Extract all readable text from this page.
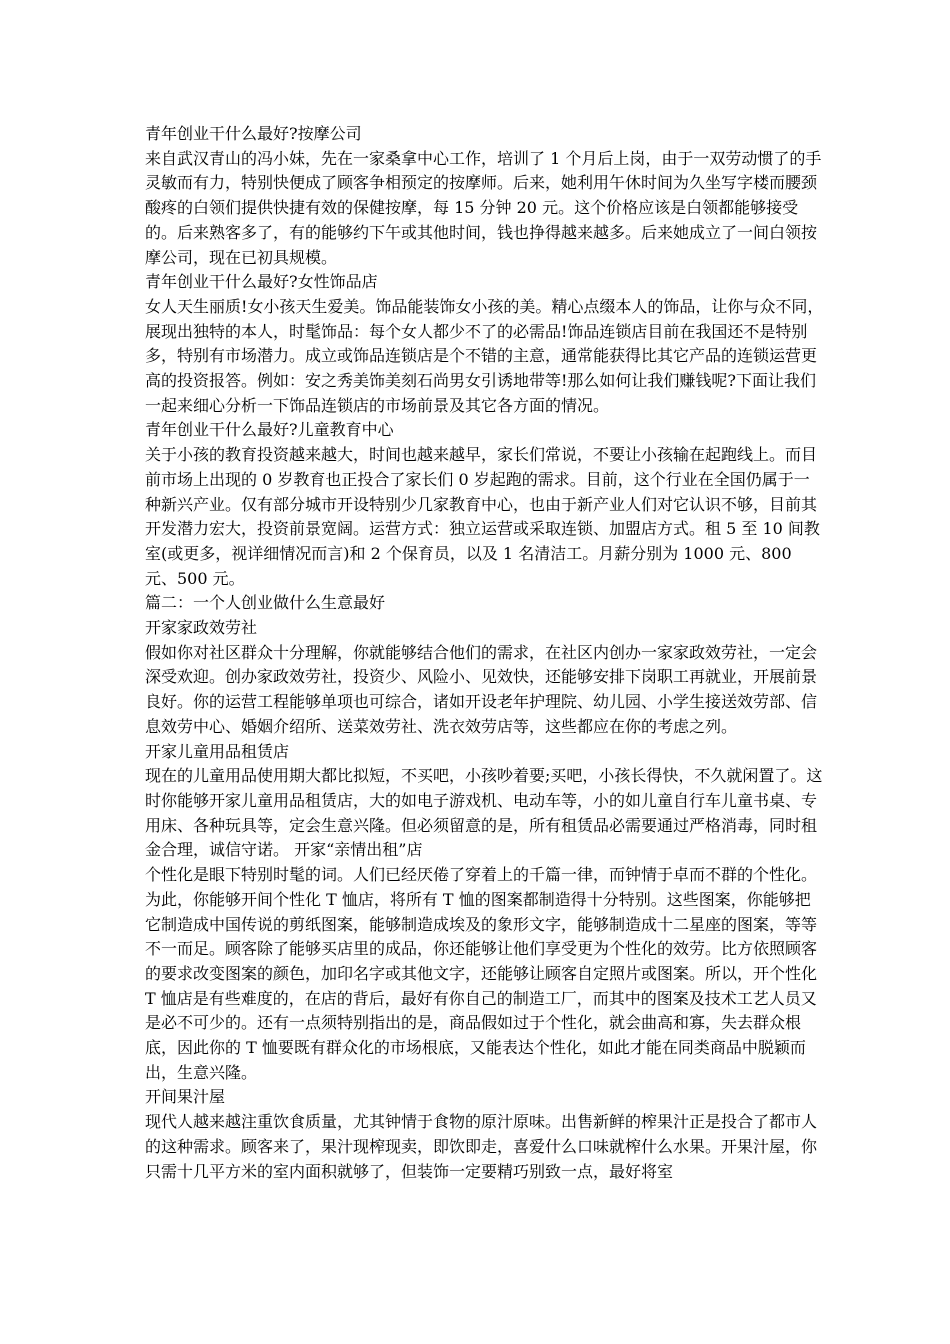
青年创业干什么最好?按摩公司

来自武汉青山的冯小妹，先在一家桑拿中心工作，培训了 1 个月后上岗，由于一双劳动惯了的手灵敏而有力，特别快便成了顾客争相预定的按摩师。后来，她利用午休时间为久坐写字楼而腰颈酸疼的白领们提供快捷有效的保健按摩，每 15 分钟 20 元。这个价格应该是白领都能够接受的。后来熟客多了，有的能够约下午或其他时间，钱也挣得越来越多。后来她成立了一间白领按摩公司，现在已初具规模。

青年创业干什么最好?女性饰品店

女人天生丽质!女小孩天生爱美。饰品能装饰女小孩的美。精心点缀本人的饰品，让你与众不同，展现出独特的本人，时髦饰品：每个女人都少不了的必需品!饰品连锁店目前在我国还不是特别多，特别有市场潜力。成立或饰品连锁店是个不错的主意，通常能获得比其它产品的连锁运营更高的投资报答。例如：安之秀美饰美刻石尚男女引诱地带等!那么如何让我们赚钱呢?下面让我们一起来细心分析一下饰品连锁店的市场前景及其它各方面的情况。

青年创业干什么最好?儿童教育中心

关于小孩的教育投资越来越大，时间也越来越早，家长们常说，不要让小孩输在起跑线上。而目前市场上出现的 0 岁教育也正投合了家长们 0 岁起跑的需求。目前，这个行业在全国仍属于一种新兴产业。仅有部分城市开设特别少几家教育中心，也由于新产业人们对它认识不够，目前其开发潜力宏大，投资前景宽阔。运营方式：独立运营或采取连锁、加盟店方式。租 5 至 10 间教室(或更多，视详细情况而言)和 2 个保育员，以及 1 名清洁工。月薪分别为 1000 元、800 元、500 元。

篇二：一个人创业做什么生意最好

开家家政效劳社

假如你对社区群众十分理解，你就能够结合他们的需求，在社区内创办一家家政效劳社，一定会深受欢迎。创办家政效劳社，投资少、风险小、见效快，还能够安排下岗职工再就业，开展前景良好。你的运营工程能够单项也可综合，诸如开设老年护理院、幼儿园、小学生接送效劳部、信息效劳中心、婚姻介绍所、送菜效劳社、洗衣效劳店等，这些都应在你的考虑之列。

开家儿童用品租赁店

现在的儿童用品使用期大都比拟短，不买吧，小孩吵着要;买吧，小孩长得快，不久就闲置了。这时你能够开家儿童用品租赁店，大的如电子游戏机、电动车等，小的如儿童自行车儿童书桌、专用床、各种玩具等，定会生意兴隆。但必须留意的是，所有租赁品必需要通过严格消毒，同时租金合理，诚信守诺。 开家“亲情出租”店

个性化是眼下特别时髦的词。人们已经厌倦了穿着上的千篇一律，而钟情于卓而不群的个性化。为此，你能够开间个性化 T 恤店，将所有 T 恤的图案都制造得十分特别。这些图案，你能够把它制造成中国传说的剪纸图案，能够制造成埃及的象形文字，能够制造成十二星座的图案，等等不一而足。顾客除了能够买店里的成品，你还能够让他们享受更为个性化的效劳。比方依照顾客的要求改变图案的颜色，加印名字或其他文字，还能够让顾客自定照片或图案。所以，开个性化 T 恤店是有些难度的，在店的背后，最好有你自己的制造工厂，而其中的图案及技术工艺人员又是必不可少的。还有一点须特别指出的是，商品假如过于个性化，就会曲高和寡，失去群众根底，因此你的 T 恤要既有群众化的市场根底，又能表达个性化，如此才能在同类商品中脱颖而出，生意兴隆。

开间果汁屋

现代人越来越注重饮食质量，尤其钟情于食物的原汁原味。出售新鲜的榨果汁正是投合了都市人的这种需求。顾客来了，果汁现榨现卖，即饮即走，喜爱什么口味就榨什么水果。开果汁屋，你只需十几平方米的室内面积就够了，但装饰一定要精巧别致一点，最好将室
